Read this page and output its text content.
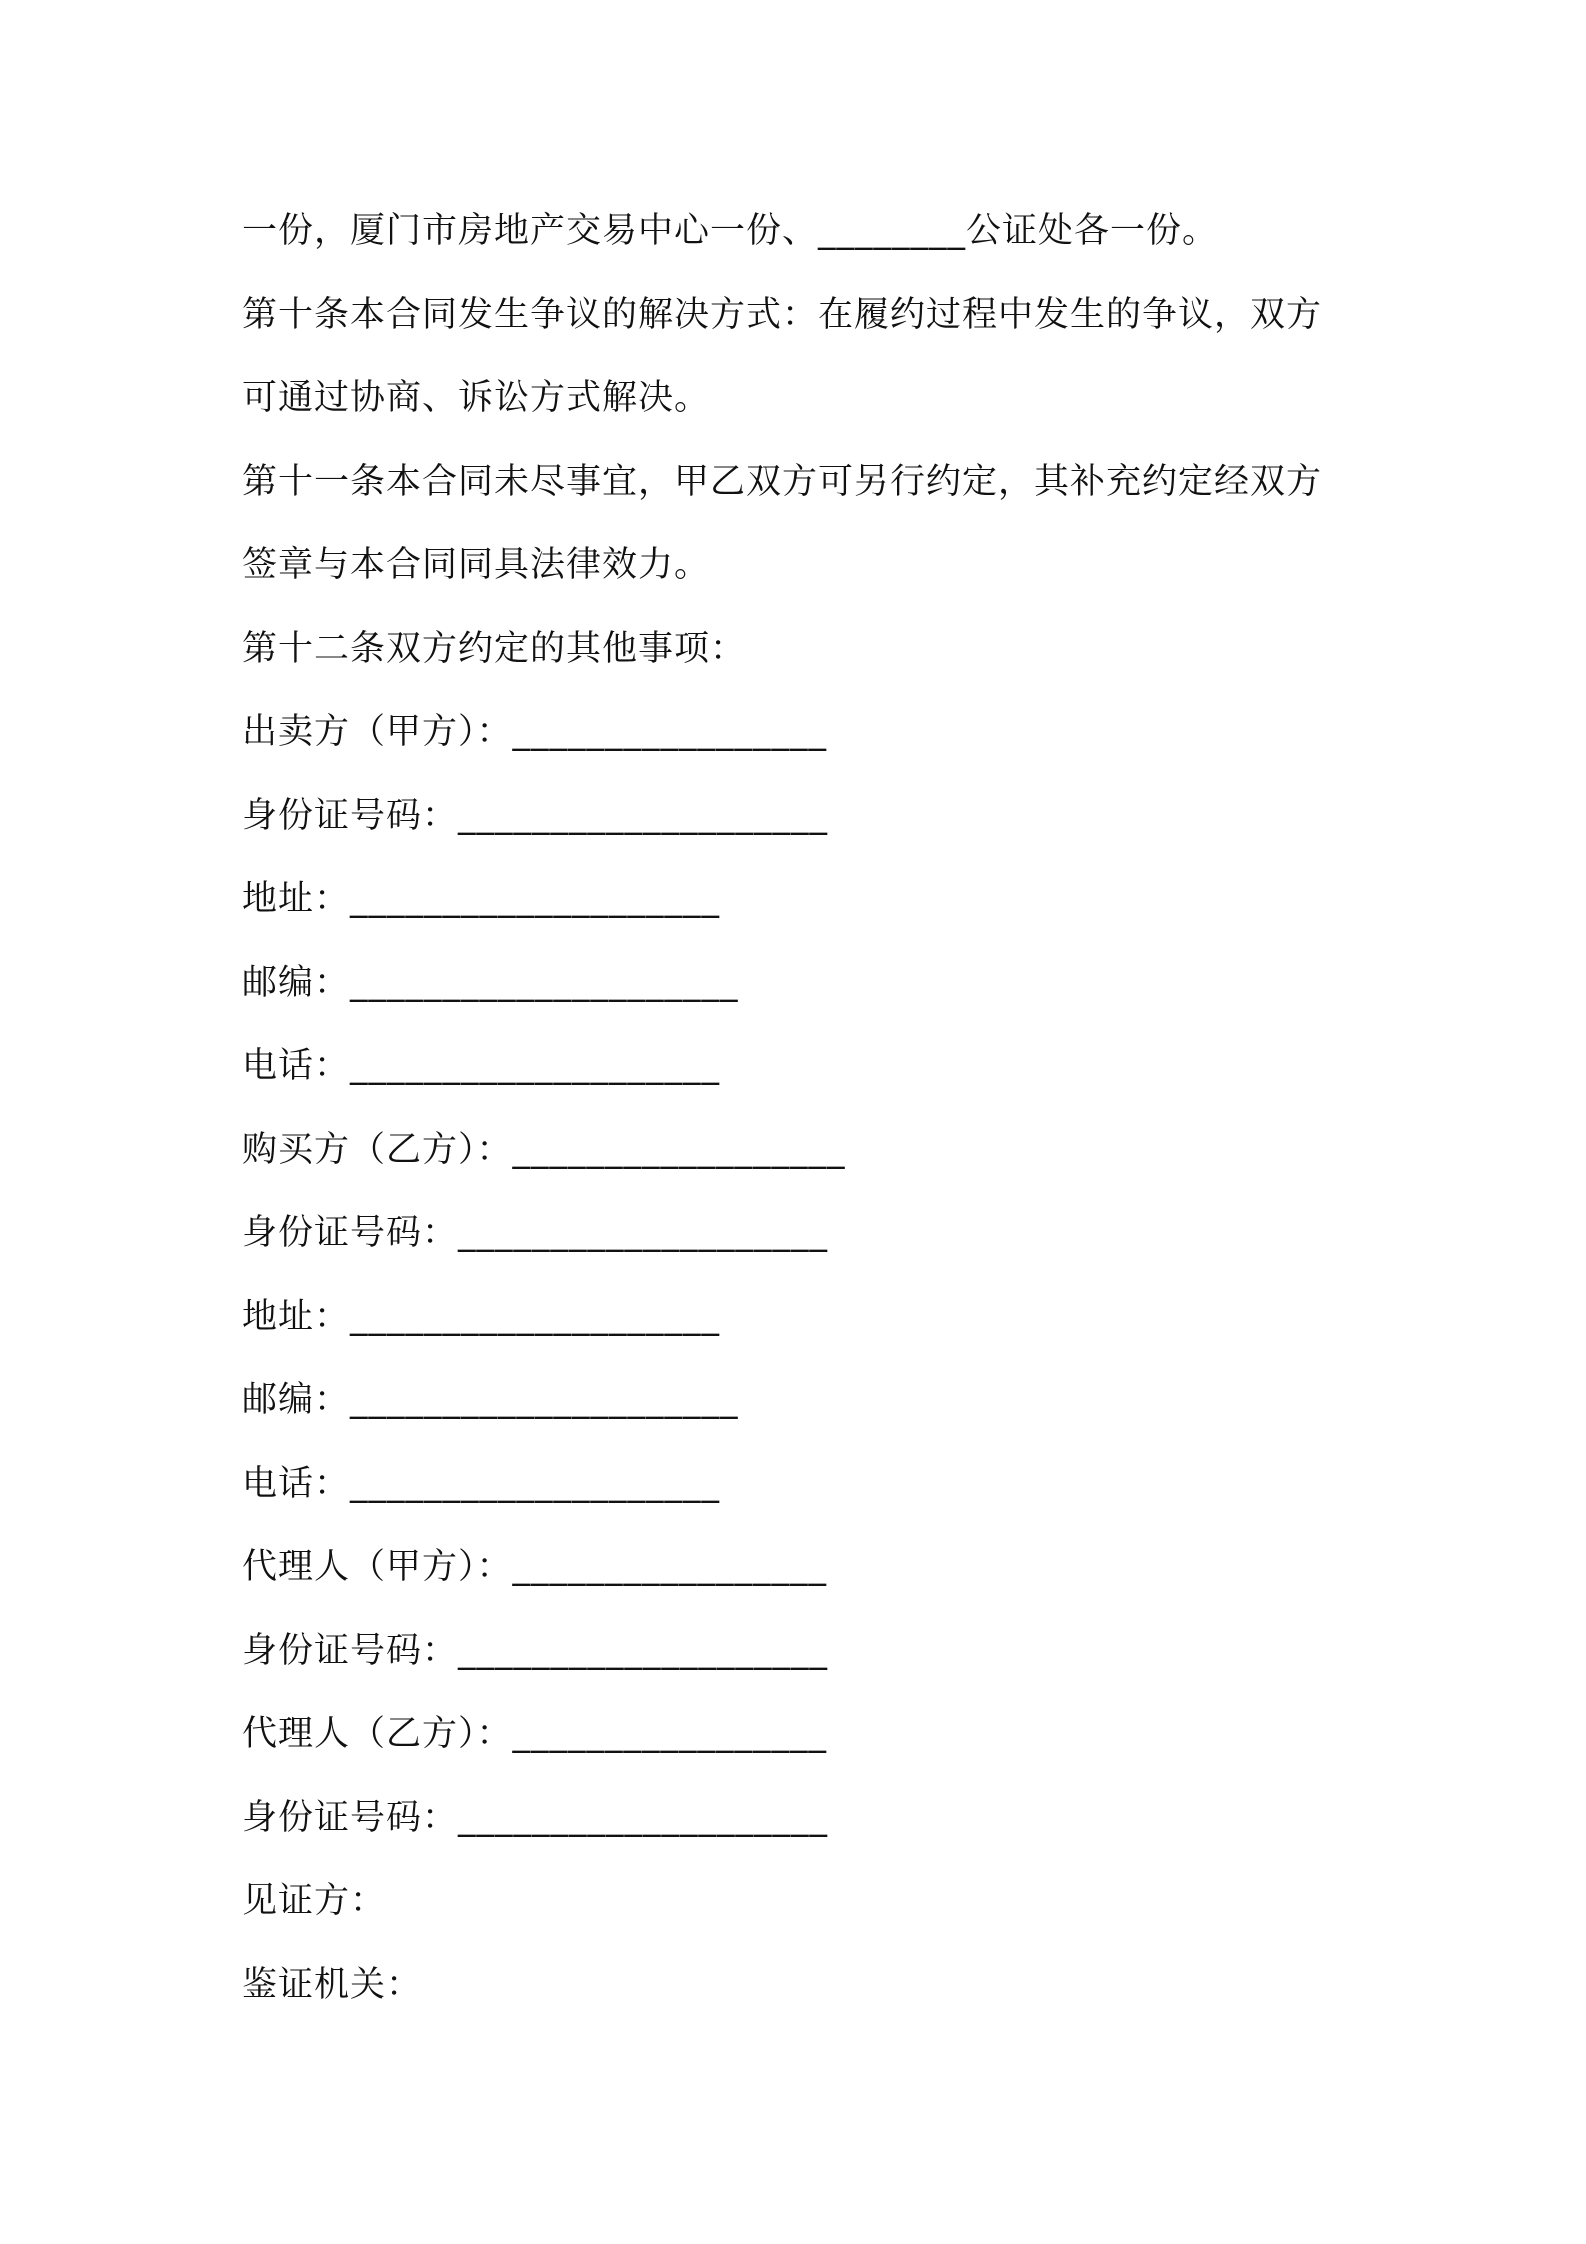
一份，厦门市房地产交易中心一份、________公证处各一份。
第十条本合同发生争议的解决方式：在履约过程中发生的争议，双方
可通过协商、诉讼方式解决。
第十一条本合同未尽事宜，甲乙双方可另行约定，其补充约定经双方
签章与本合同同具法律效力。
第十二条双方约定的其他事项：
出卖方（甲方）：_________________
身份证号码：____________________
地址：____________________
邮编：_____________________
电话：____________________
购买方（乙方）：__________________
身份证号码：____________________
地址：____________________
邮编：_____________________
电话：____________________
代理人（甲方）：_________________
身份证号码：____________________
代理人（乙方）：_________________
身份证号码：____________________
见证方：
鉴证机关：
